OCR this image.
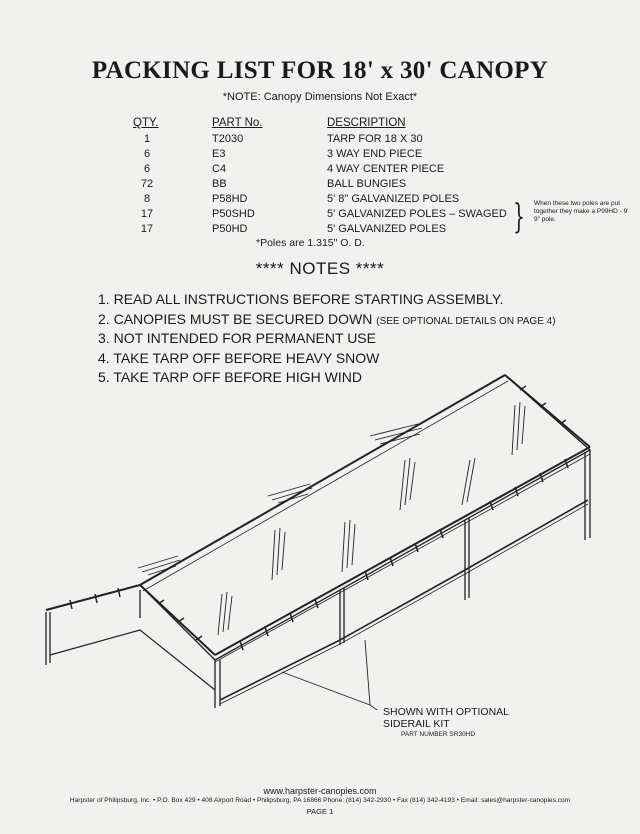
PACKING LIST FOR 18' x 30' CANOPY
*NOTE: Canopy Dimensions Not Exact*
QTY.	PART No.	DESCRIPTION
1	T2030	TARP FOR 18 X 30
6	E3	3 WAY END PIECE
6	C4	4 WAY CENTER PIECE
72	BB	BALL BUNGIES
8	P58HD	5' 8" GALVANIZED POLES
17	P50SHD	5' GALVANIZED POLES – SWAGED
17	P50HD	5' GALVANIZED POLES } When these two poles are put together they make a P99HD - 9' 9" pole.
*Poles are 1.315" O. D.
**** NOTES ****
1. READ ALL INSTRUCTIONS BEFORE STARTING ASSEMBLY.
2. CANOPIES MUST BE SECURED DOWN (SEE OPTIONAL DETAILS ON PAGE 4)
3. NOT INTENDED FOR PERMANENT USE
4. TAKE TARP OFF BEFORE HEAVY SNOW
5. TAKE TARP OFF BEFORE HIGH WIND
SHOWN WITH OPTIONAL
SIDERAIL KIT
PART NUMBER SR30HD
www.harpster-canopies.com
Harpster of Philipsburg, Inc. • P.O. Box 429 • 408 Airport Road • Philipsburg, PA 16866 Phone: (814) 342-2930 • Fax (814) 342-4193 • Email: sales@harpster-canopies.com
PAGE 1
